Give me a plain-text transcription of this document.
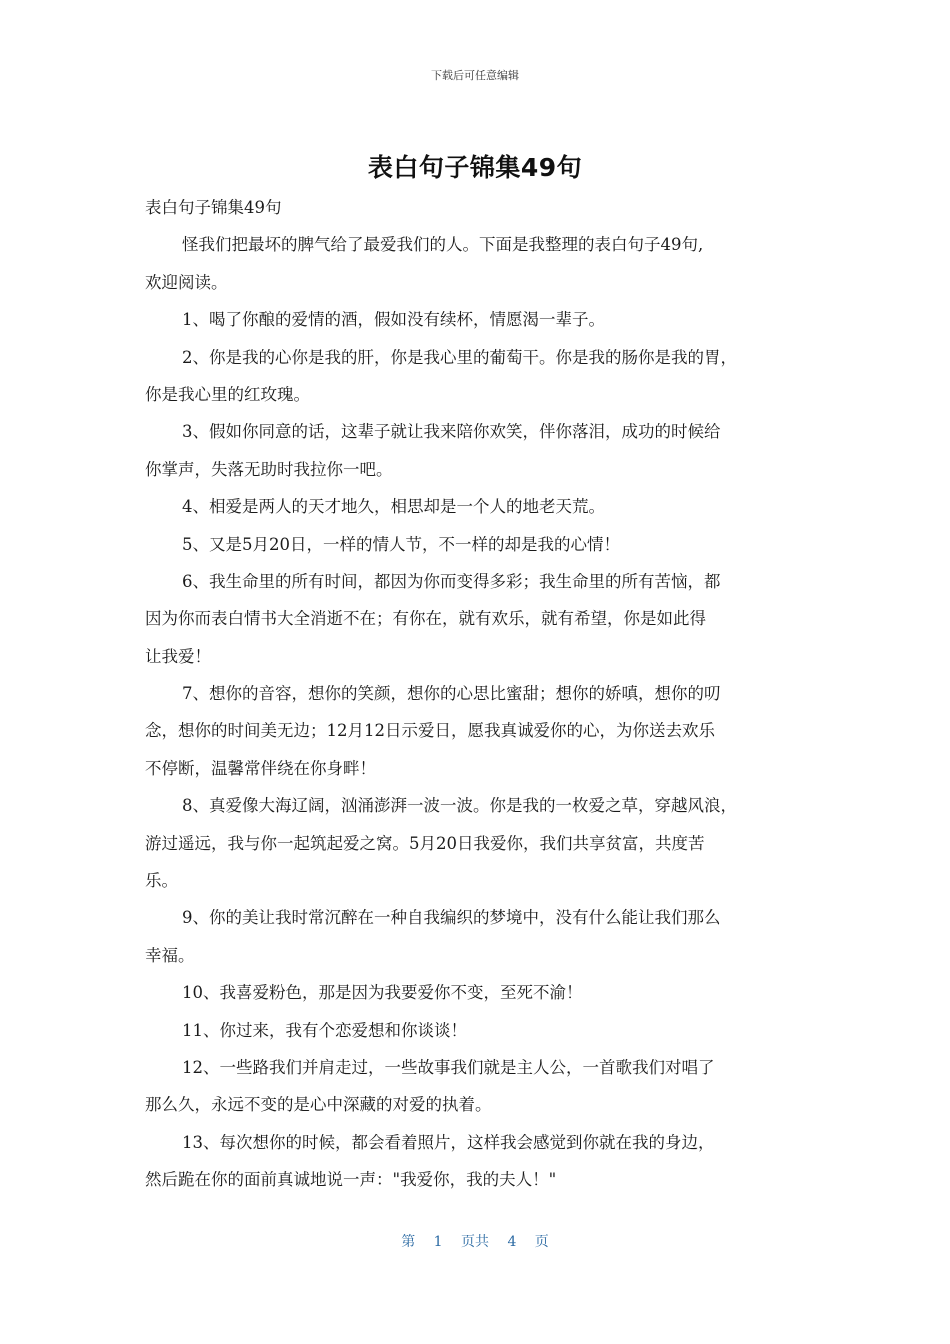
下载后可任意编辑
表白句子锦集49句
表白句子锦集49句
怪我们把最坏的脾气给了最爱我们的人。下面是我整理的表白句子49句,
欢迎阅读。
1、喝了你酿的爱情的酒，假如没有续杯，情愿渴一辈子。
2、你是我的心你是我的肝，你是我心里的葡萄干。你是我的肠你是我的胃，
你是我心里的红玫瑰。
3、假如你同意的话，这辈子就让我来陪你欢笑，伴你落泪，成功的时候给
你掌声，失落无助时我拉你一吧。
4、相爱是两人的天才地久，相思却是一个人的地老天荒。
5、又是5月20日，一样的情人节，不一样的却是我的心情！
6、我生命里的所有时间，都因为你而变得多彩；我生命里的所有苦恼，都
因为你而表白情书大全消逝不在；有你在，就有欢乐，就有希望，你是如此得
让我爱！
7、想你的音容，想你的笑颜，想你的心思比蜜甜；想你的娇嗔，想你的叨
念，想你的时间美无边；12月12日示爱日，愿我真诚爱你的心，为你送去欢乐
不停断，温馨常伴绕在你身畔！
8、真爱像大海辽阔，汹涌澎湃一波一波。你是我的一枚爱之草，穿越风浪，
游过遥远，我与你一起筑起爱之窝。5月20日我爱你，我们共享贫富，共度苦
乐。
9、你的美让我时常沉醉在一种自我编织的梦境中，没有什么能让我们那么
幸福。
10、我喜爱粉色，那是因为我要爱你不变，至死不渝！
11、你过来，我有个恋爱想和你谈谈！
12、一些路我们并肩走过，一些故事我们就是主人公，一首歌我们对唱了
那么久，永远不变的是心中深藏的对爱的执着。
13、每次想你的时候，都会看着照片，这样我会感觉到你就在我的身边，
然后跪在你的面前真诚地说一声："我爱你，我的夫人！"
第 1 页共 4 页
